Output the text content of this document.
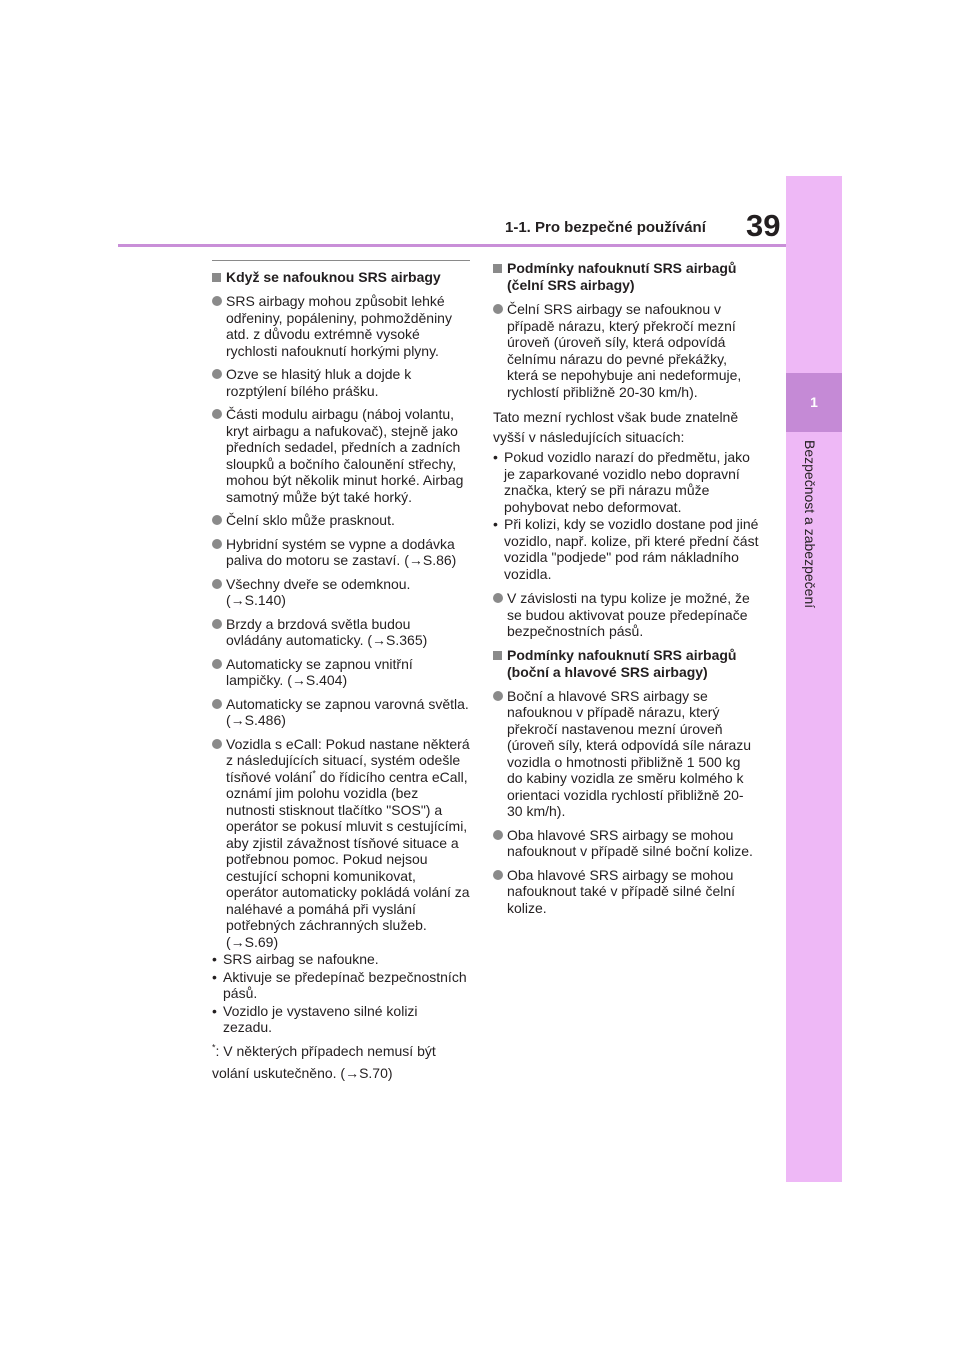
1
Bezpečnost a zabezpečení
1-1. Pro bezpečné používání 39
Když se nafouknou SRS airbagy
SRS airbagy mohou způsobit lehké odřeniny, popáleniny, pohmožděniny atd. z důvodu extrémně vysoké rychlosti nafouknutí horkými plyny.
Ozve se hlasitý hluk a dojde k rozptýlení bílého prášku.
Části modulu airbagu (náboj volantu, kryt airbagu a nafukovač), stejně jako předních sedadel, předních a zadních sloupků a bočního čalounění střechy, mohou být několik minut horké. Airbag samotný může být také horký.
Čelní sklo může prasknout.
Hybridní systém se vypne a dodávka paliva do motoru se zastaví. (→S.86)
Všechny dveře se odemknou. (→S.140)
Brzdy a brzdová světla budou ovládány automaticky. (→S.365)
Automaticky se zapnou vnitřní lampičky. (→S.404)
Automaticky se zapnou varovná světla. (→S.486)
Vozidla s eCall: Pokud nastane některá z následujících situací, systém odešle tísňové volání* do řídicího centra eCall, oznámí jim polohu vozidla (bez nutnosti stisknout tlačítko "SOS") a operátor se pokusí mluvit s cestujícími, aby zjistil závažnost tísňové situace a potřebnou pomoc. Pokud nejsou cestující schopni komunikovat, operátor automaticky pokládá volání za naléhavé a pomáhá při vyslání potřebných záchranných služeb. (→S.69)
• SRS airbag se nafoukne.
• Aktivuje se předepínač bezpečnostních pásů.
• Vozidlo je vystaveno silné kolizi zezadu.
*: V některých případech nemusí být volání uskutečněno. (→S.70)
Podmínky nafouknutí SRS airbagů (čelní SRS airbagy)
Čelní SRS airbagy se nafouknou v případě nárazu, který překročí mezní úroveň (úroveň síly, která odpovídá čelnímu nárazu do pevné překážky, která se nepohybuje ani nedeformuje, rychlostí přibližně 20-30 km/h).
Tato mezní rychlost však bude znatelně vyšší v následujících situacích:
• Pokud vozidlo narazí do předmětu, jako je zaparkované vozidlo nebo dopravní značka, který se při nárazu může pohybovat nebo deformovat.
• Při kolizi, kdy se vozidlo dostane pod jiné vozidlo, např. kolize, při které přední část vozidla "podjede" pod rám nákladního vozidla.
V závislosti na typu kolize je možné, že se budou aktivovat pouze předepínače bezpečnostních pásů.
Podmínky nafouknutí SRS airbagů (boční a hlavové SRS airbagy)
Boční a hlavové SRS airbagy se nafouknou v případě nárazu, který překročí nastavenou mezní úroveň (úroveň síly, která odpovídá síle nárazu vozidla o hmotnosti přibližně 1 500 kg do kabiny vozidla ze směru kolmého k orientaci vozidla rychlostí přibližně 20-30 km/h).
Oba hlavové SRS airbagy se mohou nafouknout v případě silné boční kolize.
Oba hlavové SRS airbagy se mohou nafouknout také v případě silné čelní kolize.
